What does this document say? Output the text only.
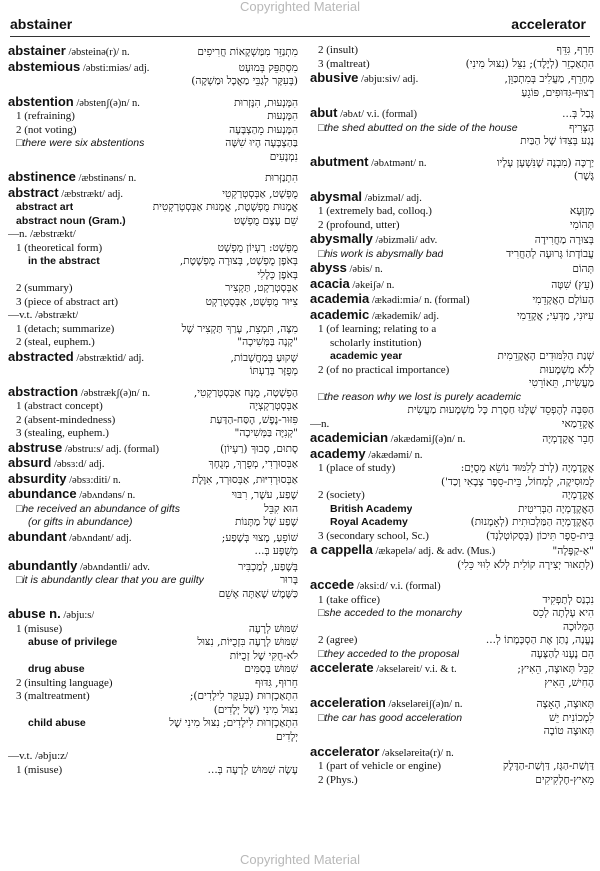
Copyrighted Material
abstainer	accelerator
abstainer /əbsteinə(r)/ n.	מִתְנַזֵּר מִמַּשְׁקָאוֹת חֲרִיפִים
abstemious /əbsti:miəs/ adj.	מִסְתַּפֵּק בְּמוּעָט
(בְּעִקָּר לְגַבֵּי מַאֲכָל וּמַשְׁקֶה)
abstention /əbstenʃ(ə)n/ n.	הִמָּנְעוּת, הִנָּזְרוּת
1 (refraining)	הִמָּנְעוּת
2 (not voting)	הִמָּנְעוּת מֵהַצְבָּעָה
□ there were six abstentions	בַּהַצְבָּעָה הָיוּ שִׁשָּׁה
נִמְנָעִים
abstinence /æbstinəns/ n.	הִתְנַזְּרוּת
abstract /æbstrækt/ adj.	מֻפְשָׁט, אַבְּסְטְרַקְטִי
abstract art	אֳמָנוּת מֻפְשֶׁטֶת, אֳמָנוּת אַבְּסְטְרַקְטִית
abstract noun (Gram.)	שֵׁם עֶצֶם מֻפְשָׁט
—n. /æbstrækt/
1 (theoretical form)	מֻפְשָׁט: רַעְיוֹן מֻפְשָׁט
in the abstract	בְּאֹפֶן מֻפְשָׁט, בְּצוּרָה מֻפְשֶׁטֶת,
בְּאֹפֶן כְּלָלִי
2 (summary)	אַבְּסְטְרַקְט, תַּקְצִיר
3 (piece of abstract art)	צִיּוּר מֻפְשָׁט, אַבְּסְטְרַקְט
—v.t. /əbstrækt/
1 (detach; summarize)	מִצָּה, תִּמְצֵת, עָרַךְ תַּקְצִיר שֶׁל
2 (steal, euphem.)	"קָנָה בַּמְּשִׁיכָה"
abstracted /əbstræktid/ adj.	שָׁקוּעַ בְּמַחֲשָׁבוֹת,
מְפֻזָּר בְּדַעְתּוֹ
abstraction /əbstrækʃ(ə)n/ n.	הַפְשָׁטָה, מֻנָּח אַבְּסְטְרַקְטִי,
1 (abstract concept)	אַבְּסְטְרַקְצְיָה
2 (absent-mindedness)	פִּזּוּר-נֶפֶשׁ, הֶסַּח-הַדַּעַת
3 (stealing, euphem.)	"קְנִיָּה בַּמְּשִׁיכָה"
abstruse /əbstru:s/ adj. (formal)	סָתוּם, סָבוּךְ (רַעְיוֹן)
absurd /əbsɜ:d/ adj.	אַבְּסוּרְדִי, מְפֻרְךְ, מְגֻחָךְ
absurdity /əbsɜ:diti/ n.	אַבְּסוּרְדִיּוּת, אַבְּסוּרְד, אִוֶּלֶת
abundance /əbʌndəns/ n.	שֶׁפַע, עשֶׁר, רִבּוּי
□ he received an abundance of gifts	הוּא קִבֵּל
(or gifts in abundance)	שֶׁפַע שֶׁל מַתָּנוֹת
abundant /əbʌndənt/ adj.	שׁוֹפֵעַ, מָצוּי בְּשֶׁפַע;
מְשֻׁפָּע בְּ...
abundantly /əbʌndəntli/ adv.	בְּשֶׁפַע, לְמַכְבִּיר
□ it is abundantly clear that you are guilty	בָּרוּר
כַּשֶּׁמֶשׁ שֶׁאַתָּה אָשֵׁם
abuse n. /əbju:s/
1 (misuse)	שִׁמּוּשׁ לְרָעָה
abuse of privilege	שִׁמּוּשׁ לְרָעָה בִּזְכֻיּוֹת, נִצּוּל
לֹא-חֻקִּי שֶׁל זְכֻיּוֹת
drug abuse	שִׁמּוּשׁ בְּסַמִּים
2 (insulting language)	חֵרוּף, גִּדּוּף
3 (maltreatment)	הִתְאַכְזְרוּת (בְּעִקָּר לִילָדִים);
נִצּוּל מִינִי (שֶׁל יְלָדִים)
child abuse	הִתְאַכְזְרוּת לִילָדִים; נִצּוּל מִינִי שֶׁל
יְלָדִים
—v.t. /əbju:z/
1 (misuse)	עָשָׂה שִׁמּוּשׁ לְרָעָה בְּ...
2 (insult)	חֵרֵף, גִּדֵּף
3 (maltreat)	הִתְאַכְזֵר (לְיֶלֶד); נִצֵּל (נִצּוּל מִינִי)
abusive /əbju:siv/ adj.	מְחָרֵף, מַעֲלִיב בְּמִתְכַּוֵּן,
רְצוּף-גִּדּוּפִים, פּוֹגֵעַ
abut /əbʌt/ v.i. (formal)	גָּבַל בְּ...
□ the shed abutted on the side of the house	הַצְּרִיף
נָגַע בְּצִדּוֹ שֶׁל הַבַּיִת
abutment /əbʌtmənt/ n.	יַרְכָּה (מִבְנֶה שֶׁנִּשְׁעָן עָלָיו
גֶּשֶׁר)
abysmal /əbizməl/ adj.
1 (extremely bad, colloq.)	מְזַוְּעָא
2 (profound, utter)	תְּהוֹמִי
abysmally /əbizməli/ adv.	בְּצוּרָה מַחֲרִידָה
□ his work is abysmally bad	עֲבוֹדָתוֹ גְּרוּעָה לְהַחֲרִיד
abyss /əbis/ n.	תְּהוֹם
acacia /əkeiʃə/ n.	(עֵץ) שִׁטָּה
academia /ækədi:miə/ n. (formal)	הָעוֹלָם הָאֲקָדֵמִי
academic /ækədemik/ adj.	עִיּוּנִי, מַדָּעִי; אֲקָדֵמִי
1 (of learning; relating to a
scholarly institution)
academic year	שְׁנַת הַלִּמּוּדִים הָאֲקָדֵמִית
2 (of no practical importance)	לְלֹא מַשְׁמָעוּת
מַעֲשִׂית, תֵּאוֹרֵטִי
□ the reason why we lost is purely academic
הַסִּבָּה לְהֶפְסֵד שֶׁלָּנוּ חַסְרַת כָּל מַשְׁמָעוּת מַעֲשִׂית
—n.	אֲקָדֵמַאי
academician /əkædəmiʃ(ə)n/ n.	חָבֵר אֲקָדֶמְיָה
academy /əkædəmi/ n.
1 (place of study)	אֲקָדֶמְיָה (לְרֹב לְלִמּוּד נוֹשֵׂא מְסֻיָּם:
לְמוּסִיקָה, לְמָחוֹל, בֵּית-סֵפֶר צְבָאִי וְכַד')
2 (society)	אֲקָדֶמְיָה
British Academy	הָאֲקָדֶמְיָה הַבְּרִיטִית
Royal Academy	הָאֲקָדֶמְיָה הַמַּלְכוּתִית (לְאָמָנוּת)
3 (secondary school, Sc.)	בֵּית-סֵפֶר תִּיכוֹן (בְּסְקוֹטְלַנְד)
a cappella /ækəpelə/ adj. & adv. (Mus.)	"אַ-קַפֶּלָה"
(לְתֵאוּר יְצִירָה קוֹלִית לְלֹא לִוּוּי כֵּלִי)
accede /əksi:d/ v.i. (formal)
1 (take office)	נִכְנַס לְתַפְקִיד
□ she acceded to the monarchy	הִיא עָלְתָה לְכֵס
הַמְּלוּכָה
2 (agree)	נֶעֱנָה, נָתַן אֶת הַסְכָּמָתוֹ לְ...
□ they acceded to the proposal	הֵם נֶעֶנוּ לַהַצָּעָה
accelerate /əkseləreit/ v.i. & t.	קִבֵּל תְּאוּצָה, הֵאִיץ;
הֶחִישׁ, הֵאִיץ
acceleration /əkseləreiʃ(ə)n/ n.	תְּאוּצָה, הָאָצָה
□ the car has good acceleration	לִמְכוֹנִית יֵשׁ
תְּאוּצָה טוֹבָה
accelerator /əkseləreitə(r)/ n.
1 (part of vehicle or engine)	דַּוְשַׁת-הַגָּז, דַּוְשַׁת-הַדֶּלֶק
2 (Phys.)	מֵאִיץ-חֶלְקִיקִים
Copyrighted Material
